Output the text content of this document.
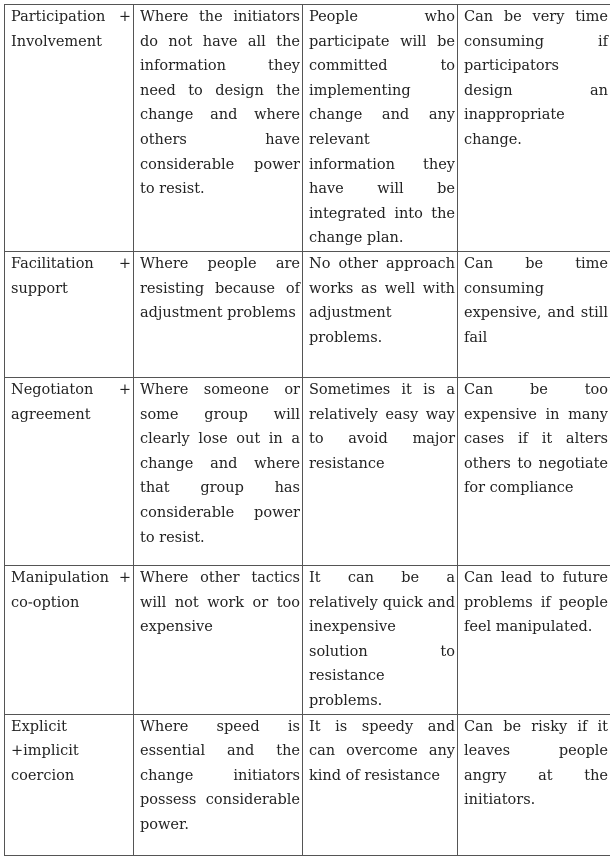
Participation + Involvement	Where the initiators do not have all the information they need to design the change and where others have considerable power to resist.	People who participate will be committed to implementing change and any relevant information they have will be integrated into the change plan.	Can be very time consuming if participators design an inappropriate change.
Facilitation + support	Where people are resisting because of adjustment problems	No other approach works as well with adjustment problems.	Can be time consuming expensive, and still fail
Negotiaton + agreement	Where someone or some group will clearly lose out in a change and where that group has considerable power to resist.	Sometimes it is a relatively easy way to avoid major resistance	Can be too expensive in many cases if it alters others to negotiate for compliance
Manipulation + co-option	Where other tactics will not work or too expensive	It can be a relatively quick and inexpensive solution to resistance problems.	Can lead to future problems if people feel manipulated.
Explicit +implicit coercion	Where speed is essential and the change initiators possess considerable power.	It is speedy and can overcome any kind of resistance	Can be risky if it leaves people angry at the initiators.
